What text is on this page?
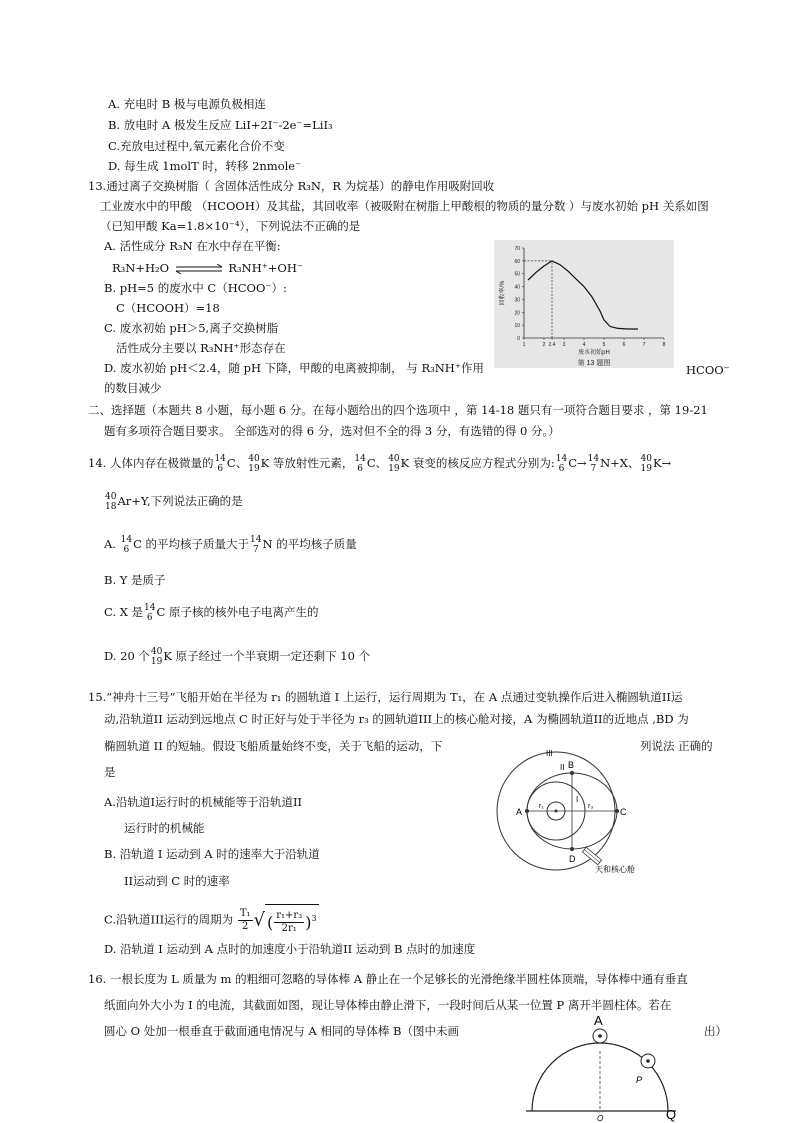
A. 充电时 B 极与电源负极相连
B. 放电时 A 极发生反应 LiI+2I⁻-2e⁻=LiI₃
C.充放电过程中,氧元素化合价不变
D. 每生成 1molT 时，转移 2nmole⁻
13.通过离子交换树脂（ 含固体活性成分 R₃N，R 为烷基）的静电作用吸附回收
工业废水中的甲酸 （HCOOH）及其盐，其回收率（被吸附在树脂上甲酸根的物质的量分数 ）与废水初始 pH 关系如图
（已知甲酸 Ka=1.8×10⁻⁴），下列说法不正确的是
A. 活性成分 R₃N 在水中存在平衡:
R₃N+H₂O	R₃NH⁺+OH⁻
B. pH=5 的废水中 C（HCOO⁻）:
C（HCOOH）=18
C. 废水初始 pH＞5,离子交换树脂
活性成分主要以 R₃NH⁺形态存在
D. 废水初始 pH＜2.4，随 pH 下降，甲酸的电离被抑制， 与 R₃NH⁺作用	HCOO⁻
的数目减少
0
10
20
30
40
50
60
70
1	2 2.4 3	4	5	6	7	8
废水初始pH
第 13 题图
回收率/%
二、选择题（本题共 8 小题，每小题 6 分。在每小题给出的四个选项中 ，第 14-18 题只有一项符合题目要求 ，第 19-21
题有多项符合题目要求。 全部选对的得 6 分，选对但不全的得 3 分，有选错的得 0 分。）
14. 人体内存在极微量的 14
6 C、 40
19 K 等放射性元素， 14
6 C、 40
19 K 衰变的核反应方程式分别为: 14
6 C→ 14
7 N+X、 40
19 K→
40
18 Ar+Y,下列说法正确的是
A. 14
6 C 的平均核子质量大于 14
7 N 的平均核子质量
B. Y 是质子
C. X 是 14
6 C 原子核的核外电子电离产生的
D. 20 个 40
19 K 原子经过一个半衰期一定还剩下 10 个
15.“神舟十三号”飞船开始在半径为 r₁ 的圆轨道 I 上运行，运行周期为 T₁，在 A 点通过变轨操作后进入椭圆轨道II运
动,沿轨道II 运动到远地点 C 时正好与处于半径为 r₃ 的圆轨道III上的核心舱对接，A 为椭圆轨道II的近地点 ,BD 为
椭圆轨道 II 的短轴。假设飞船质量始终不变，关于飞船的运动，下	列说法 正确的
是
A.沿轨道I运行时的机械能等于沿轨道II
运行时的机械能
B. 沿轨道 I 运动到 A 时的速率大于沿轨道
II运动到 C 时的速率
C.沿轨道III运行的周期为 $\frac{\text{T₁}}{2}$ √ ( $\frac{\text{r₁+r₃}}{\text{2r₁}} )^3$
D. 沿轨道 I 运动到 A 点时的加速度小于沿轨道II 运动到 B 点时的加速度
III
II
I
A
B
C
D
r₁	r₃
天和核心舱
16. 一根长度为 L 质量为 m 的粗细可忽略的导体棒 A 静止在一个足够长的光滑绝缘半圆柱体顶端，导体棒中通有垂直
纸面向外大小为 I 的电流，其截面如图，现让导体棒由静止滑下，一段时间后从某一位置 P 离开半圆柱体。若在
圆心 O 处加一根垂直于截面通电情况与 A 相同的导体棒 B（图中未画	出）
A
P
O	Q
